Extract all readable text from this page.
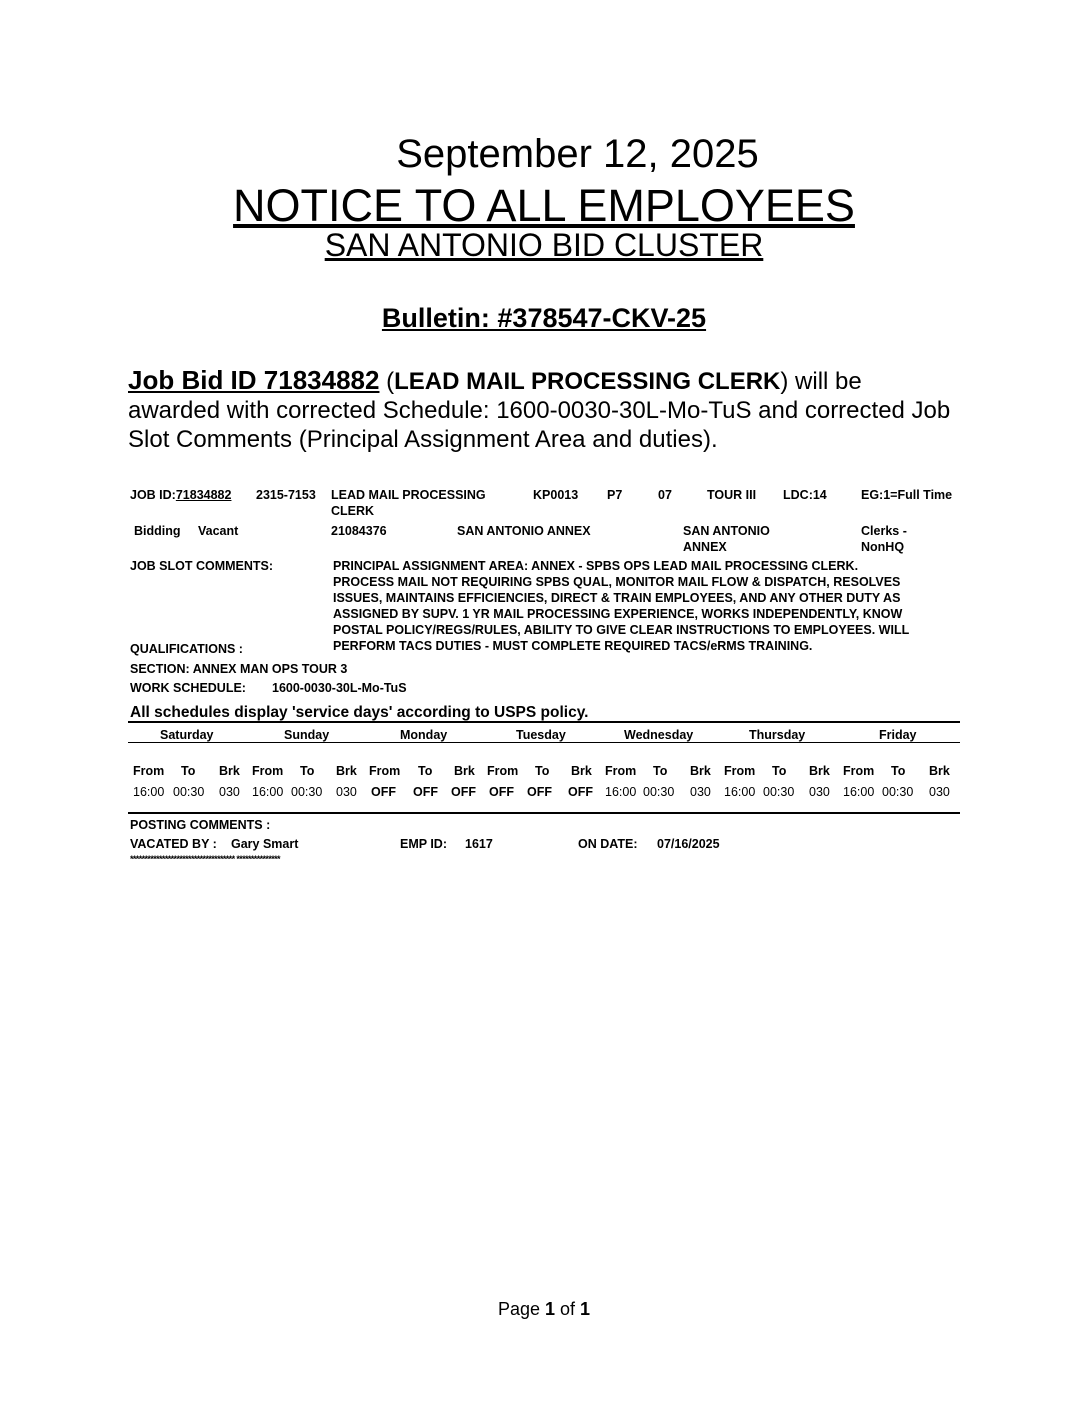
September 12, 2025
NOTICE TO ALL EMPLOYEES
SAN ANTONIO BID CLUSTER
Bulletin: #378547-CKV-25
Job Bid ID 71834882 (LEAD MAIL PROCESSING CLERK) will be awarded with corrected Schedule: 1600-0030-30L-Mo-TuS and corrected Job Slot Comments (Principal Assignment Area and duties).
JOB ID:71834882 2315-7153 LEAD MAIL PROCESSING
CLERK
KP0013 P7	07	TOUR III LDC:14	EG:1=Full Time
Bidding Vacant	21084376	SAN ANTONIO ANNEX	SAN ANTONIO
ANNEX
Clerks -
NonHQ
JOB SLOT COMMENTS:	PRINCIPAL ASSIGNMENT AREA: ANNEX - SPBS OPS LEAD MAIL PROCESSING CLERK.
PROCESS MAIL NOT REQUIRING SPBS QUAL, MONITOR MAIL FLOW & DISPATCH, RESOLVES
ISSUES, MAINTAINS EFFICIENCIES, DIRECT & TRAIN EMPLOYEES, AND ANY OTHER DUTY AS
ASSIGNED BY SUPV. 1 YR MAIL PROCESSING EXPERIENCE, WORKS INDEPENDENTLY, KNOW
POSTAL POLICY/REGS/RULES, ABILITY TO GIVE CLEAR INSTRUCTIONS TO EMPLOYEES. WILL
PERFORM TACS DUTIES - MUST COMPLETE REQUIRED TACS/eRMS TRAINING.
QUALIFICATIONS :
SECTION: ANNEX MAN OPS TOUR 3
WORK SCHEDULE: 1600-0030-30L-Mo-TuS
All schedules display 'service days' according to USPS policy.
Saturday	Sunday	Monday	Tuesday	Wednesday	Thursday	Friday
From To Brk From To Brk From To Brk From To Brk From To Brk From To Brk From To Brk
16:00 00:30 030 16:00 00:30 030 OFF OFF OFF OFF OFF OFF 16:00 00:30 030 16:00 00:30 030 16:00 00:30 030
POSTING COMMENTS :
VACATED BY : Gary Smart	EMP ID: 1617	ON DATE: 07/16/2025
************************************ ***************
Page 1 of 1
